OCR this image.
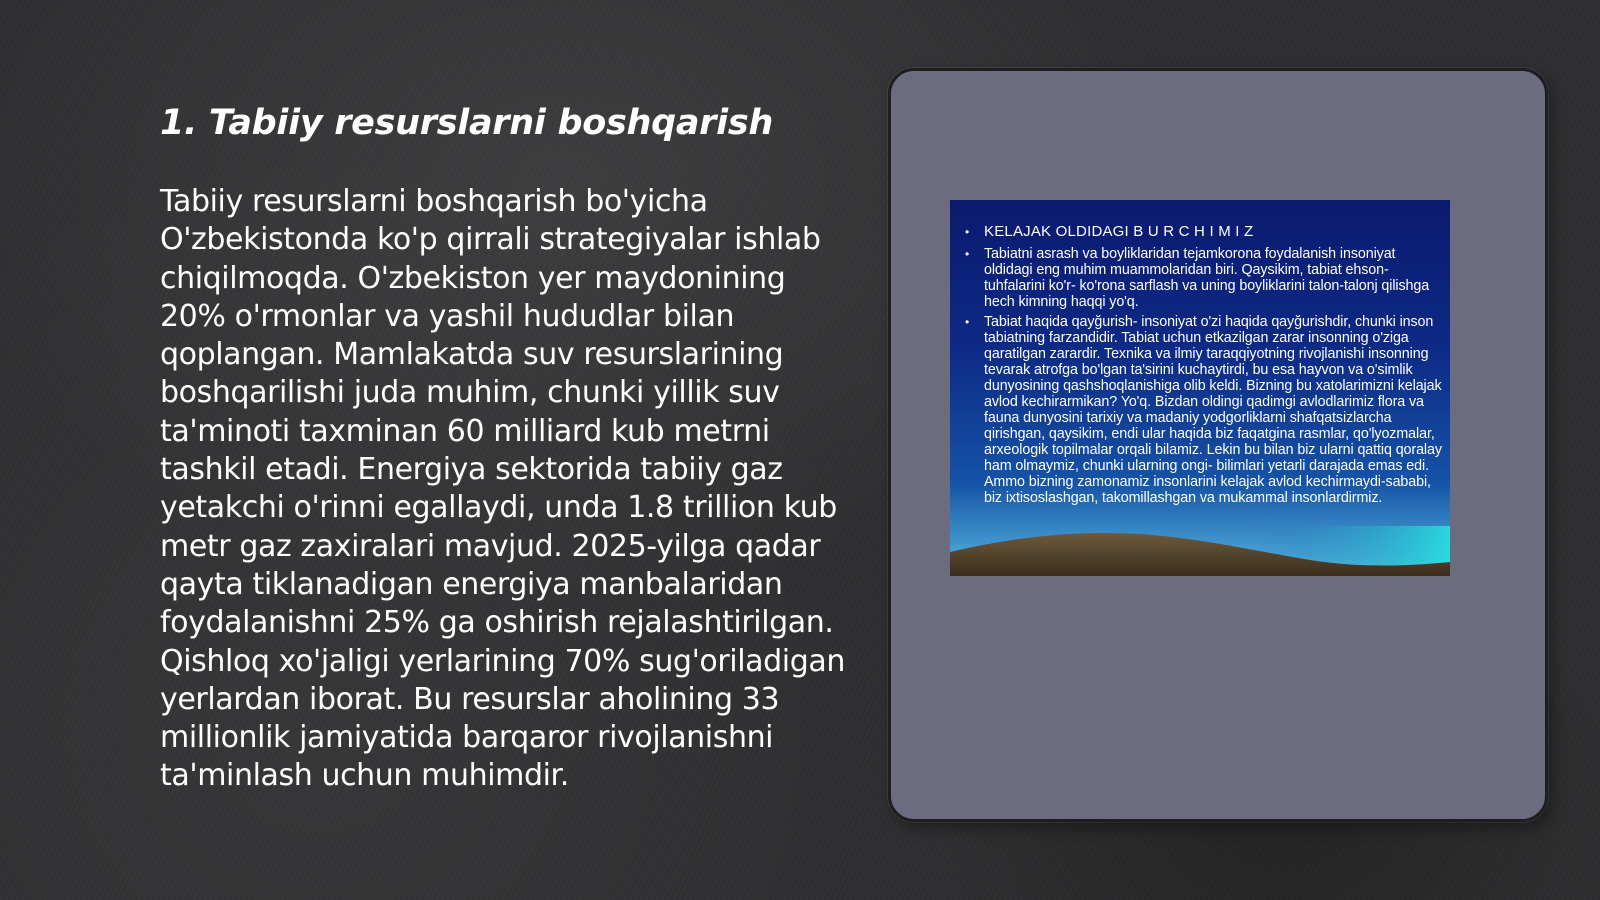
1. Tabiiy resurslarni boshqarish

Tabiiy resurslarni boshqarish bo'yicha O'zbekistonda ko'p qirrali strategiyalar ishlab chiqilmoqda. O'zbekiston yer maydonining 20% o'rmonlar va yashil hududlar bilan qoplangan. Mamlakatda suv resurslarining boshqarilishi juda muhim, chunki yillik suv ta'minoti taxminan 60 milliard kub metrni tashkil etadi. Energiya sektorida tabiiy gaz yetakchi o'rinni egallaydi, unda 1.8 trillion kub metr gaz zaxiralari mavjud. 2025-yilga qadar qayta tiklanadigan energiya manbalaridan foydalanishni 25% ga oshirish rejalashtirilgan. Qishloq xo'jaligi yerlarining 70% sug'oriladigan yerlardan iborat. Bu resurslar aholining 33 millionlik jamiyatida barqaror rivojlanishni ta'minlash uchun muhimdir.

• KELAJAK OLDIDAGI B U R C H I M I Z
• Tabiatni asrash va boyliklaridan tejamkorona foydalanish insoniyat oldidagi eng muhim muammolaridan biri. Qaysikim, tabiat ehson-tuhfalarini ko'r- ko'rona sarflash va uning boyliklarini talon-talonj qilishga hech kimning haqqi yo'q.
• Tabiat haqida qayğurish- insoniyat o'zi haqida qayğurishdir, chunki inson tabiatning farzandidir. Tabiat uchun etkazilgan zarar insonning o'ziga qaratilgan zarardir. Texnika va ilmiy taraqqiyotning rivojlanishi insonning tevarak atrofga bo'lgan ta'sirini kuchaytirdi, bu esa hayvon va o'simlik dunyosining qashshoqlanishiga olib keldi. Bizning bu xatolarimizni kelajak avlod kechirarmikan? Yo'q. Bizdan oldingi qadimgi avlodlarimiz flora va fauna dunyosini tarixiy va madaniy yodgorliklarni shafqatsizlarcha qirishgan, qaysikim, endi ular haqida biz faqatgina rasmlar, qo'lyozmalar, arxeologik topilmalar orqali bilamiz. Lekin bu bilan biz ularni qattiq qoralay ham olmaymiz, chunki ularning ongi- bilimlari yetarli darajada emas edi. Ammo bizning zamonamiz insonlarini kelajak avlod kechirmaydi-sababi, biz ixtisoslashgan, takomillashgan va mukammal insonlardirmiz.
